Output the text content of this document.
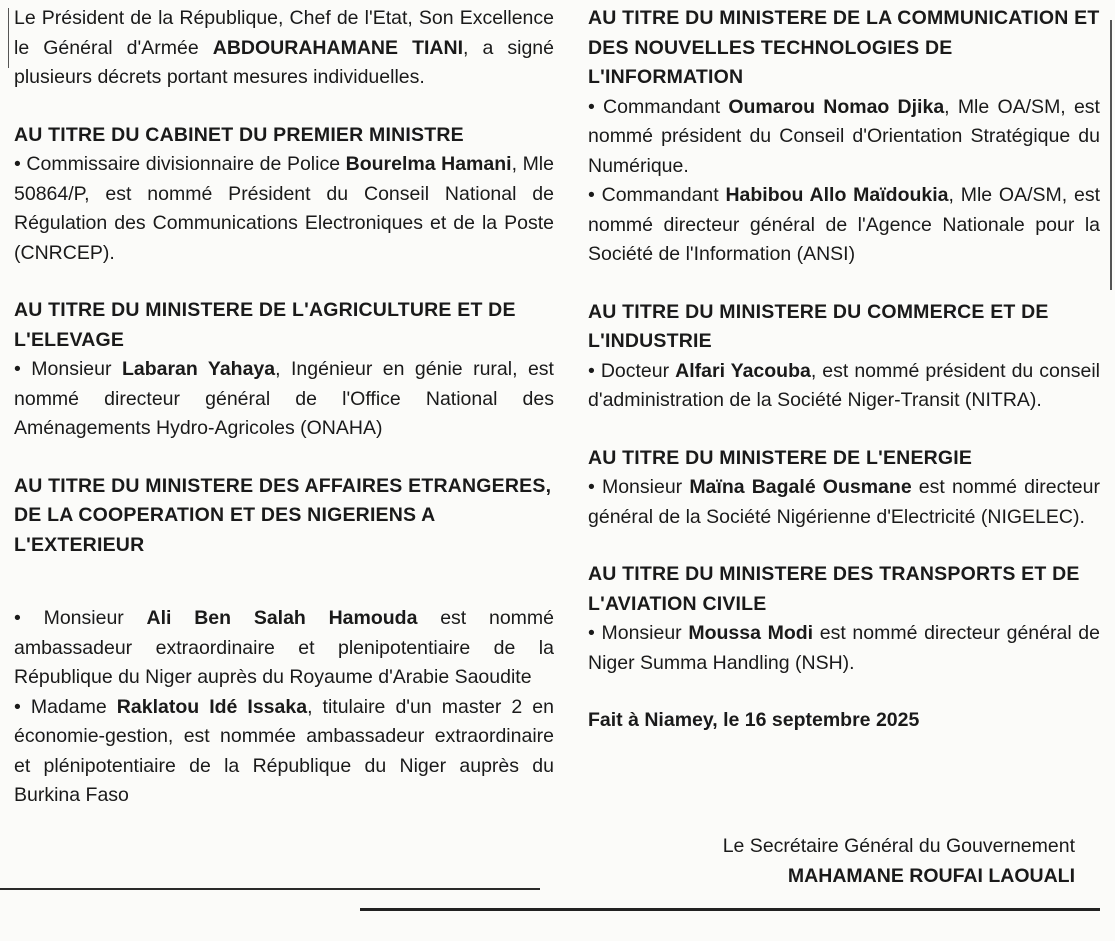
Le Président de la République, Chef de l'Etat, Son Excellence le Général d'Armée ABDOURAHAMANE TIANI, a signé plusieurs décrets portant mesures individuelles.

AU TITRE DU CABINET DU PREMIER MINISTRE

• Commissaire divisionnaire de Police Bourelma Hamani, Mle 50864/P, est nommé Président du Conseil National de Régulation des Communications Electroniques et de la Poste (CNRCEP).

AU TITRE DU MINISTERE DE L'AGRICULTURE ET DE L'ELEVAGE

• Monsieur Labaran Yahaya, Ingénieur en génie rural, est nommé directeur général de l'Office National des Aménagements Hydro-Agricoles (ONAHA)

AU TITRE DU MINISTERE DES AFFAIRES ETRANGERES, DE LA COOPERATION ET DES NIGERIENS A L'EXTERIEUR

• Monsieur Ali Ben Salah Hamouda est nommé ambassadeur extraordinaire et plenipotentiaire de la République du Niger auprès du Royaume d'Arabie Saoudite

• Madame Raklatou Idé Issaka, titulaire d'un master 2 en économie-gestion, est nommée ambassadeur extraordinaire et plénipotentiaire de la République du Niger auprès du Burkina Faso

AU TITRE DU MINISTERE DE LA COMMUNICATION ET DES NOUVELLES TECHNOLOGIES DE L'INFORMATION

• Commandant Oumarou Nomao Djika, Mle OA/SM, est nommé président du Conseil d'Orientation Stratégique du Numérique.

• Commandant Habibou Allo Maïdoukia, Mle OA/SM, est nommé directeur général de l'Agence Nationale pour la Société de l'Information (ANSI)

AU TITRE DU MINISTERE DU COMMERCE ET DE L'INDUSTRIE

• Docteur Alfari Yacouba, est nommé président du conseil d'administration de la Société Niger-Transit (NITRA).

AU TITRE DU MINISTERE DE L'ENERGIE

• Monsieur Maïna Bagalé Ousmane est nommé directeur général de la Société Nigérienne d'Electricité (NIGELEC).

AU TITRE DU MINISTERE DES TRANSPORTS ET DE L'AVIATION CIVILE

• Monsieur Moussa Modi est nommé directeur général de Niger Summa Handling (NSH).

Fait à Niamey, le 16 septembre 2025

Le Secrétaire Général du Gouvernement
MAHAMANE ROUFAI LAOUALI
